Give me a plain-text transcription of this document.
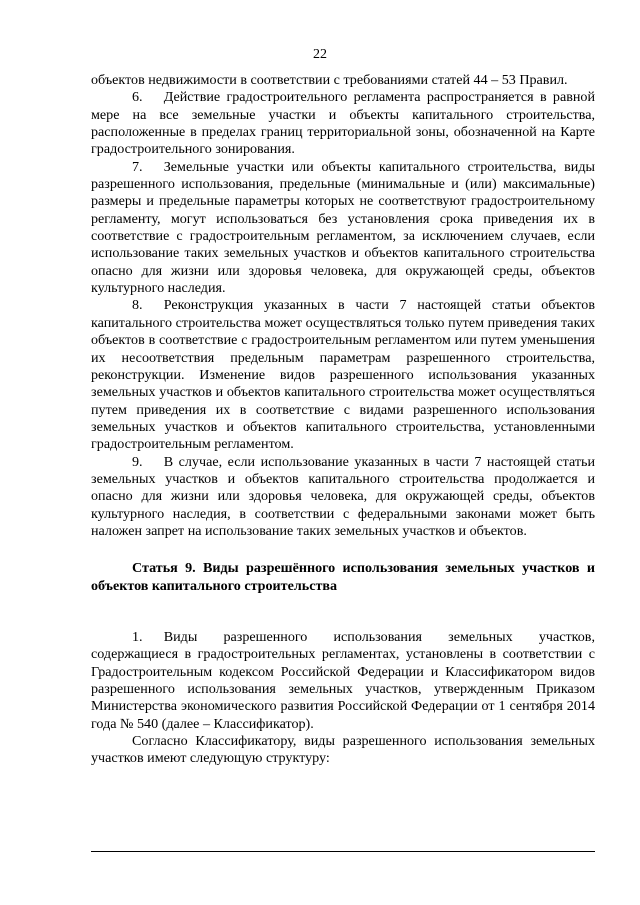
22

объектов недвижимости в соответствии с требованиями статей 44 – 53 Правил.

6.  Действие градостроительного регламента распространяется в равной мере на все земельные участки и объекты капитального строительства, расположенные в пределах границ территориальной зоны, обозначенной на Карте градостроительного зонирования.

7.  Земельные участки или объекты капитального строительства, виды разрешенного использования, предельные (минимальные и (или) максимальные) размеры и предельные параметры которых не соответствуют градостроительному регламенту, могут использоваться без установления срока приведения их в соответствие с градостроительным регламентом, за исключением случаев, если использование таких земельных участков и объектов капитального строительства опасно для жизни или здоровья человека, для окружающей среды, объектов культурного наследия.

8.  Реконструкция указанных в части 7 настоящей статьи объектов капитального строительства может осуществляться только путем приведения таких объектов в соответствие с градостроительным регламентом или путем уменьшения их несоответствия предельным параметрам разрешенного строительства, реконструкции. Изменение видов разрешенного использования указанных земельных участков и объектов капитального строительства может осуществляться путем приведения их в соответствие с видами разрешенного использования земельных участков и объектов капитального строительства, установленными градостроительным регламентом.

9.  В случае, если использование указанных в части 7 настоящей статьи земельных участков и объектов капитального строительства продолжается и опасно для жизни или здоровья человека, для окружающей среды, объектов культурного наследия, в соответствии с федеральными законами может быть наложен запрет на использование таких земельных участков и объектов.

Статья 9. Виды разрешённого использования земельных участков и объектов капитального строительства

1.  Виды разрешенного использования земельных участков, содержащиеся в градостроительных регламентах, установлены в соответствии с Градостроительным кодексом Российской Федерации и Классификатором видов разрешенного использования земельных участков, утвержденным Приказом Министерства экономического развития Российской Федерации от 1 сентября 2014 года № 540 (далее – Классификатор).

Согласно Классификатору, виды разрешенного использования земельных участков имеют следующую структуру:
